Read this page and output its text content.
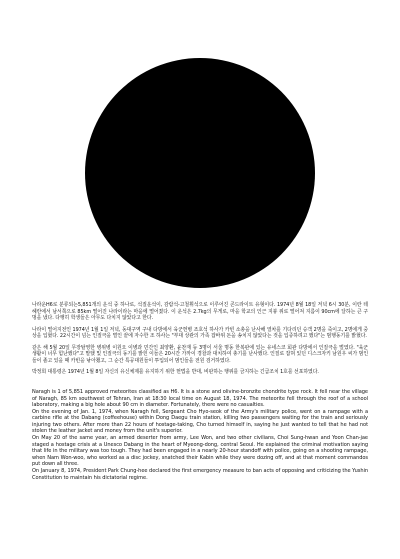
나라운H6로 분류되는5,851개의 운석 중 하나로, 석질운석이, 감람석-고철휘석으로 이루어진 콘드라이트 유형이다. 1974년 8월 18일 저녁 6시 30분, 이란 테헤란에서 남서쪽으로 85km 떨어진 나라이라는 마을에 떨어졌다. 이 운석은 2.7kg의 무게로, 마을 학교의 인근 지붕 위로 떨어져 지름이 90cm에 달하는 큰 구멍을 냈다. 다행히 학생들은 아무도 다치지 않았다고 한다.

나라이 떨어지전인 1974년 1월 1일 저녁, 동대구역 구내 다방에서 육군헌병 조호석 하사가 카빈 소총을 난사해 열차를 기다리던 승객 2명을 죽이고, 2명에게 중상을 입혔다. 22시간이 넘는 인질극을 벌인 끝에 자수한 조 하사는 "부대 상관의 가족 잡바위 돈을 송치지 않았다는 것을 입증하려고 했다"는 범행동기를 밝혔다.

같은 해 5월 20일 무장탈영한 병위병 이원오 이병과 민간인 최양환, 윤찬재 등 3명이 서울 명동 한복판에 있는 유네스코 회관 다방에서 인질극을 벌였다. "육군 생활이 너무 힘난했다"고 말했 및 인질극의 동기를 밝힌 이들은 20시간 가까이 경찰과 대치하여 총기를 난사했다. 인질로 잡혀 있던 디스크자키 남원우 씨가 범인들이 졸고 있을 때 카빈을 낚아챘고, 그 순간 특공대원들이 투입되어 범인들을 전원 검거하였다.

박정희 대통령은 1974년 1월 8일 자신의 유신체제를 유지하기 위한 헌법을 반대, 비판하는 행위를 금지하는 긴급조치 1호를 선포하였다.

Naragh is 1 of 5,851 approved meteorites classified as H6. It is a stone and olivine-bronzite chondrite type rock. It fell near the village of Naragh, 85 km southwest of Tehran, Iran at 18:30 local time on August 18, 1974. The meteorite fell through the roof of a school laboratory, making a big hole about 90 cm in diameter. Fortunately, there were no casualties.

On the evening of Jan. 1, 1974, when Naragh fell, Sergeant Cho Hyo-seok of the Army's military police, went on a rampage with a carbine rifle at the Dabang (coffeehouse) within Dong Daegu train station, killing two passengers waiting for the train and seriously injuring two others. After more than 22 hours of hostage-taking, Cho turned himself in, saying he just wanted to tell that he had not stolen the leather jacket and money from the unit's superior.

On May 20 of the same year, an armed deserter from army, Lee Won, and two other civilians, Choi Sung-hwan and Yoon Chan-jae staged a hostage crisis at a Unesco Dabang in the heart of Myeong-dong, central Seoul. He explained the criminal motivation saying that life in the military was too tough. They had been engaged in a nearly 20-hour standoff with police, going on a shooting rampage, when Nam Won-woo, who worked as a disc jockey, snatched their Kabin while they were dozing off, and at that moment commandos put down all three.

On January 8, 1974, President Park Chung-hee declared the first emergency measure to ban acts of opposing and criticizing the Yushin Constitution to maintain his dictatorial regime.
